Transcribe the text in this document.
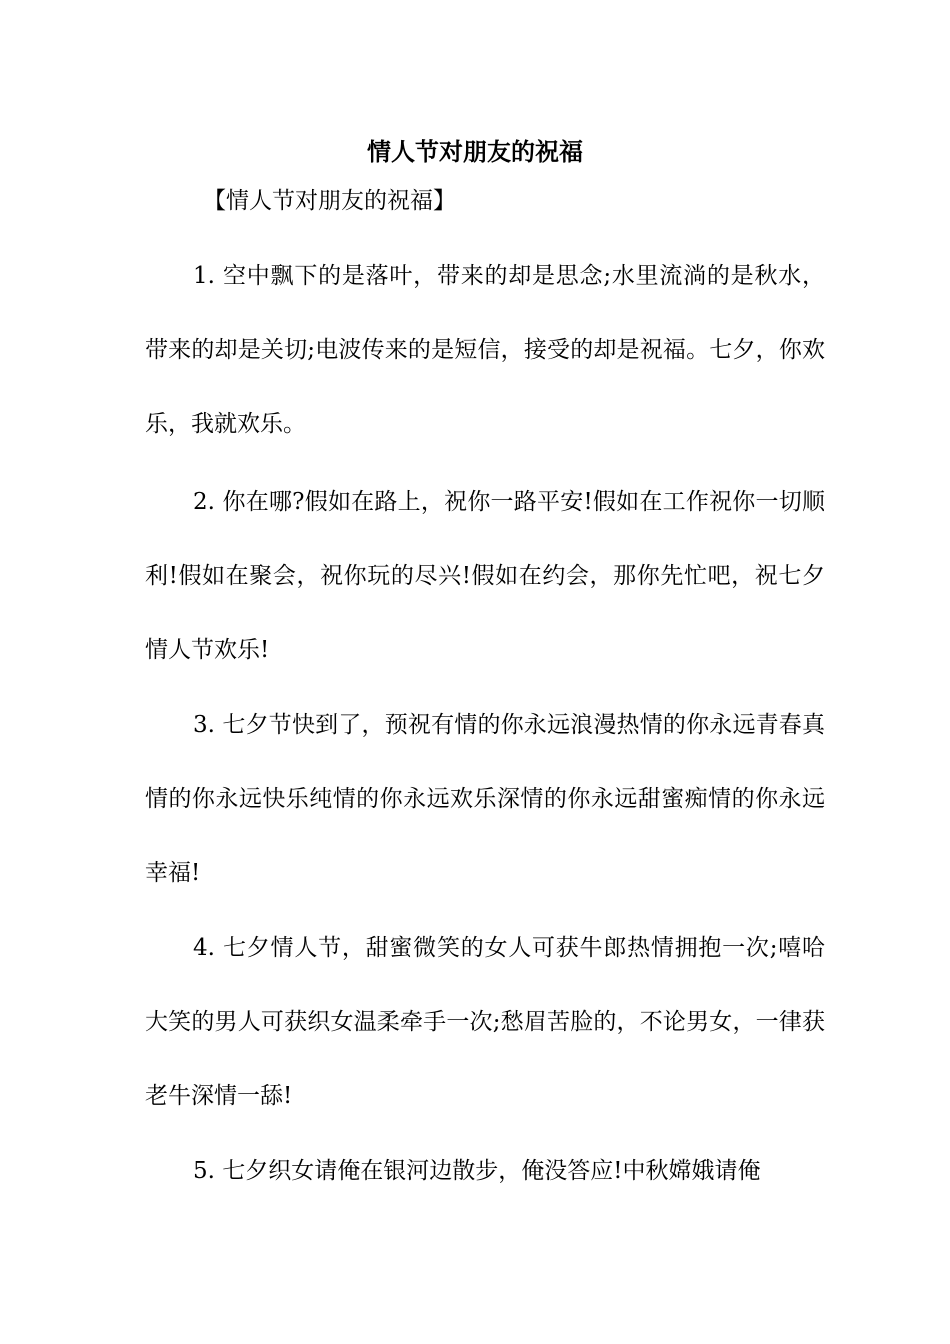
情人节对朋友的祝福

【情人节对朋友的祝福】

1. 空中飘下的是落叶，带来的却是思念;水里流淌的是秋水，带来的却是关切;电波传来的是短信，接受的却是祝福。七夕，你欢乐，我就欢乐。

2. 你在哪?假如在路上，祝你一路平安!假如在工作祝你一切顺利!假如在聚会，祝你玩的尽兴!假如在约会，那你先忙吧，祝七夕情人节欢乐!

3. 七夕节快到了，预祝有情的你永远浪漫热情的你永远青春真情的你永远快乐纯情的你永远欢乐深情的你永远甜蜜痴情的你永远幸福!

4. 七夕情人节，甜蜜微笑的女人可获牛郎热情拥抱一次;嘻哈大笑的男人可获织女温柔牵手一次;愁眉苦脸的，不论男女，一律获老牛深情一舔!

5. 七夕织女请俺在银河边散步，俺没答应!中秋嫦娥请俺
